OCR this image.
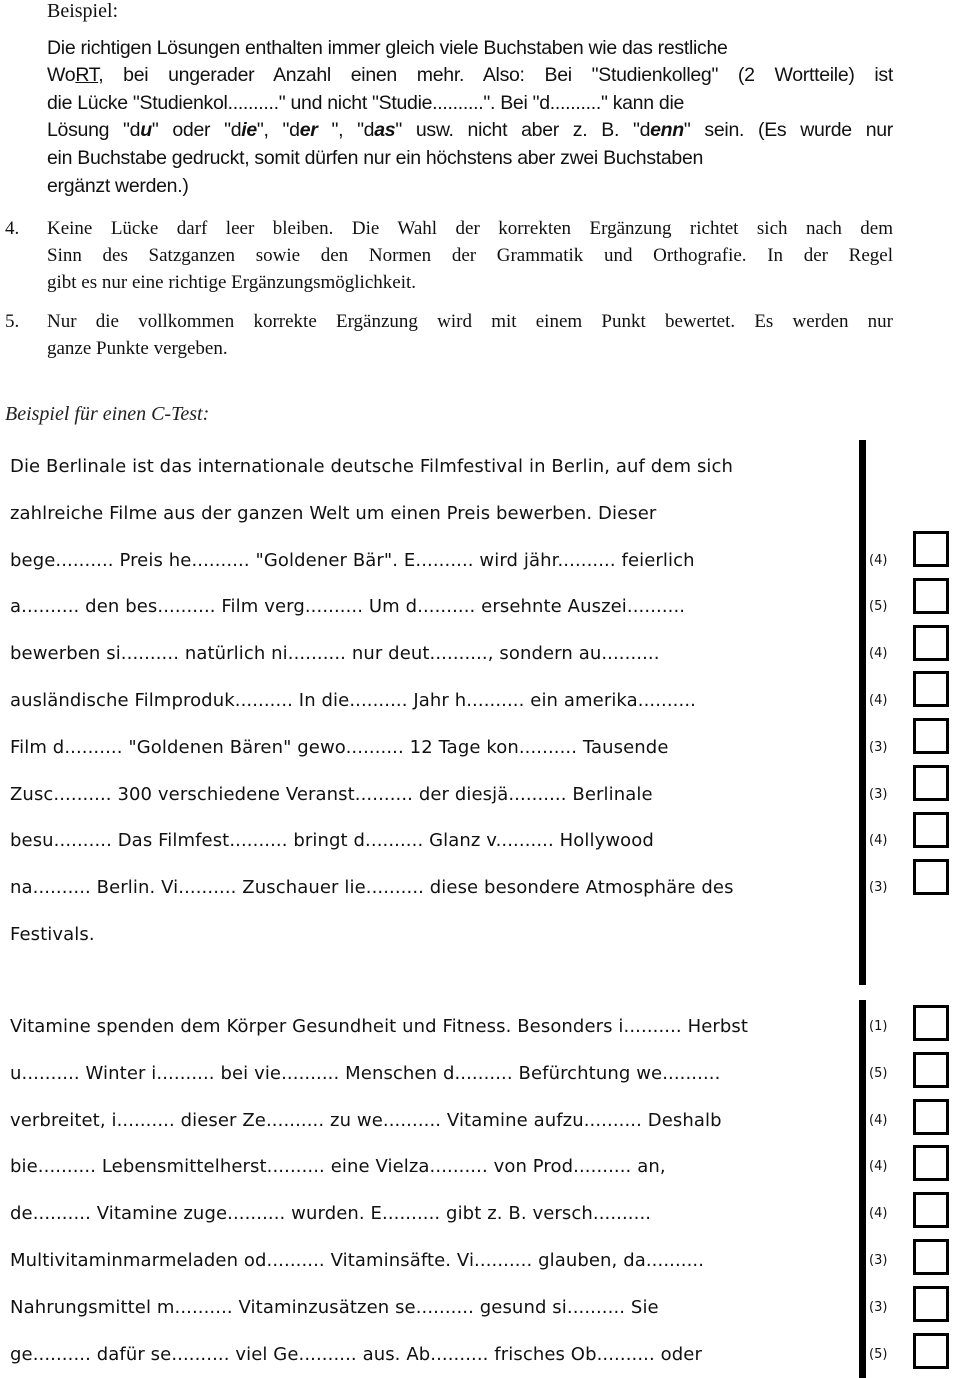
Beispiel:
Die richtigen Lösungen enthalten immer gleich viele Buchstaben wie das restliche
WoRT, bei ungerader Anzahl einen mehr. Also: Bei "Studienkolleg" (2 Wortteile) ist
die Lücke "Studienkol.........." und nicht "Studie..........". Bei "d.........." kann die
Lösung "du" oder "die", "der ", "das" usw. nicht aber z. B. "denn" sein. (Es wurde nur
ein Buchstabe gedruckt, somit dürfen nur ein höchstens aber zwei Buchstaben
ergänzt werden.)
4. Keine Lücke darf leer bleiben. Die Wahl der korrekten Ergänzung richtet sich nach dem
Sinn des Satzganzen sowie den Normen der Grammatik und Orthografie. In der Regel
gibt es nur eine richtige Ergänzungsmöglichkeit.
5. Nur die vollkommen korrekte Ergänzung wird mit einem Punkt bewertet. Es werden nur
ganze Punkte vergeben.
Beispiel für einen C-Test:
Die Berlinale ist das internationale deutsche Filmfestival in Berlin, auf dem sich
zahlreiche Filme aus der ganzen Welt um einen Preis bewerben. Dieser
bege.......... Preis he.......... "Goldener Bär". E.......... wird jähr.......... feierlich	(4)
a.......... den bes.......... Film verg.......... Um d.......... ersehnte Auszei..........	(5)
bewerben si.......... natürlich ni.......... nur deut.........., sondern au..........	(4)
ausländische Filmproduk.......... In die.......... Jahr h.......... ein amerika..........	(4)
Film d.......... "Goldenen Bären" gewo.......... 12 Tage kon.......... Tausende	(3)
Zusc.......... 300 verschiedene Veranst.......... der diesjä.......... Berlinale	(3)
besu.......... Das Filmfest.......... bringt d.......... Glanz v.......... Hollywood	(4)
na.......... Berlin. Vi.......... Zuschauer lie.......... diese besondere Atmosphäre des	(3)
Festivals.
Vitamine spenden dem Körper Gesundheit und Fitness. Besonders i.......... Herbst	(1)
u.......... Winter i.......... bei vie.......... Menschen d.......... Befürchtung we..........	(5)
verbreitet, i.......... dieser Ze.......... zu we.......... Vitamine aufzu.......... Deshalb	(4)
bie.......... Lebensmittelherst.......... eine Vielza.......... von Prod.......... an,	(4)
de.......... Vitamine zuge.......... wurden. E.......... gibt z. B. versch..........	(4)
Multivitaminmarmeladen od.......... Vitaminsäfte. Vi.......... glauben, da..........	(3)
Nahrungsmittel m.......... Vitaminzusätzen se.......... gesund si.......... Sie	(3)
ge.......... dafür se.......... viel Ge.......... aus. Ab.......... frisches Ob.......... oder	(5)
